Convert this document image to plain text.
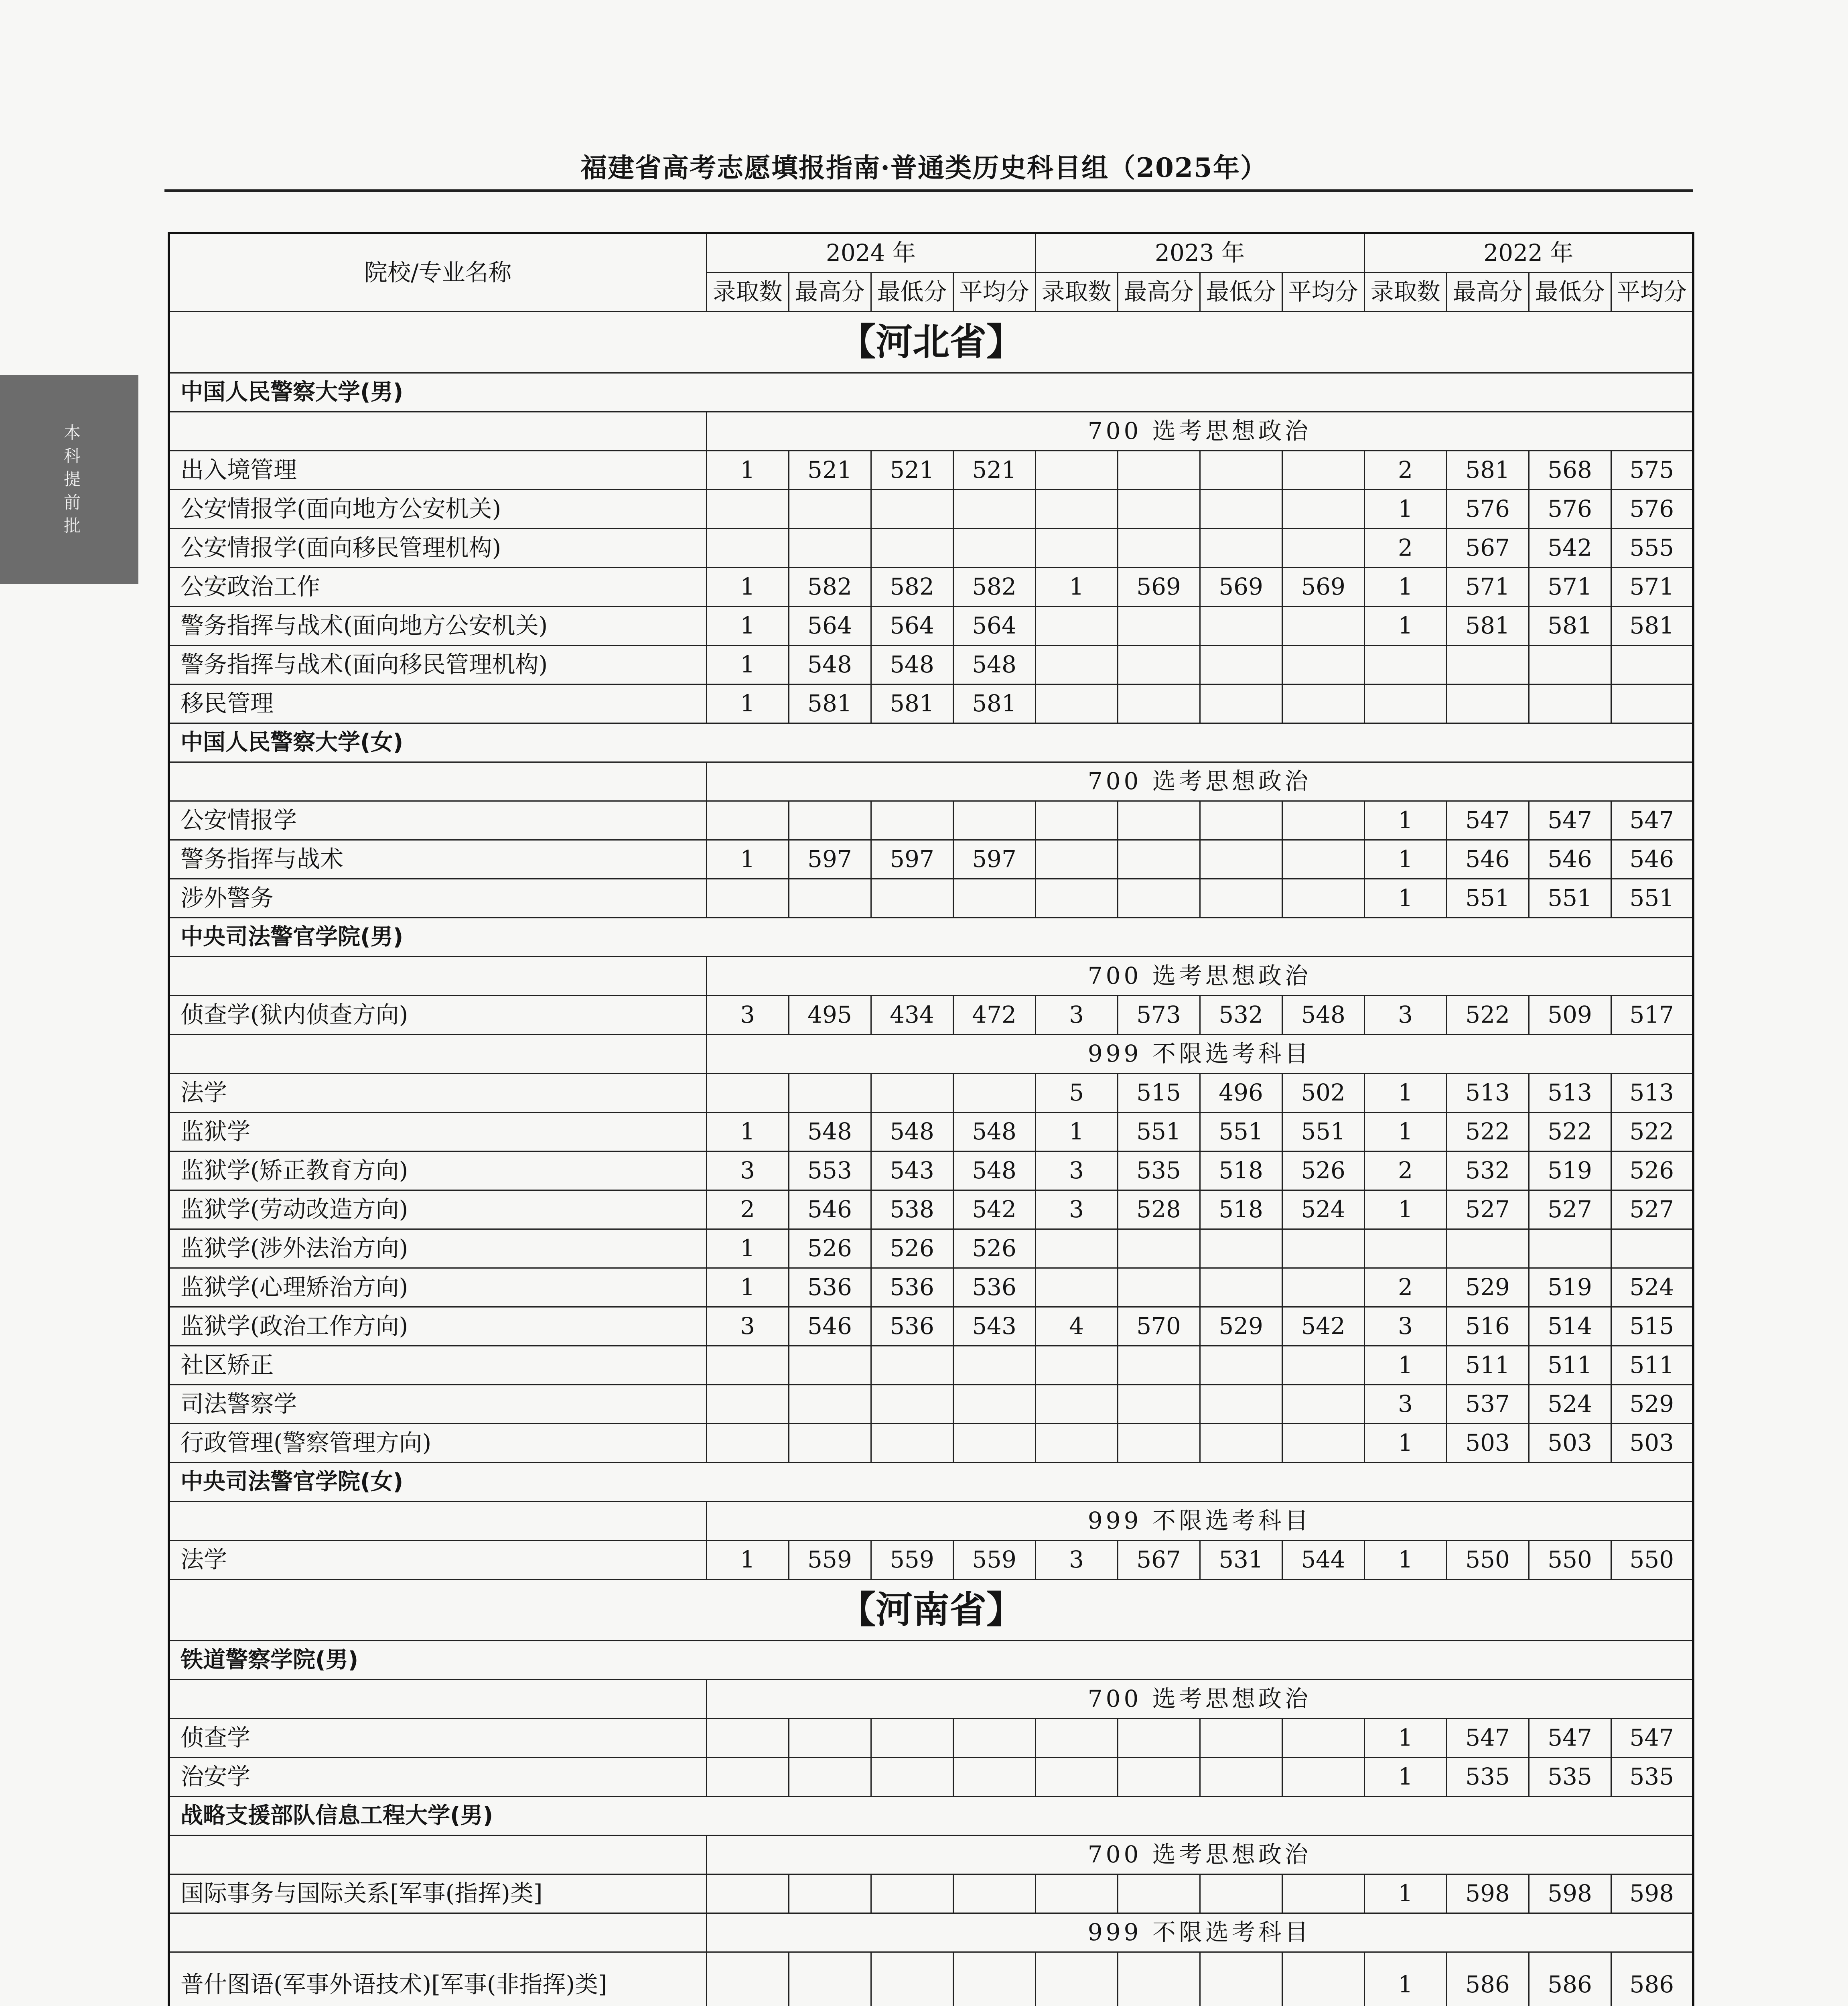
福建省高考志愿填报指南·普通类历史科目组（2025年）
本科提前批
院校/专业名称	2024 年				2023 年				2022 年			
	录取数	最高分	最低分	平均分	录取数	最高分	最低分	平均分	录取数	最高分	最低分	平均分
【河北省】												
中国人民警察大学(男)												
	700 选考思想政治											
出入境管理	1	521	521	521					2	581	568	575
公安情报学(面向地方公安机关)									1	576	576	576
公安情报学(面向移民管理机构)									2	567	542	555
公安政治工作	1	582	582	582	1	569	569	569	1	571	571	571
警务指挥与战术(面向地方公安机关)	1	564	564	564					1	581	581	581
警务指挥与战术(面向移民管理机构)	1	548	548	548								
移民管理	1	581	581	581								
中国人民警察大学(女)												
	700 选考思想政治											
公安情报学									1	547	547	547
警务指挥与战术	1	597	597	597					1	546	546	546
涉外警务									1	551	551	551
中央司法警官学院(男)												
	700 选考思想政治											
侦查学(狱内侦查方向)	3	495	434	472	3	573	532	548	3	522	509	517
	999 不限选考科目											
法学					5	515	496	502	1	513	513	513
监狱学	1	548	548	548	1	551	551	551	1	522	522	522
监狱学(矫正教育方向)	3	553	543	548	3	535	518	526	2	532	519	526
监狱学(劳动改造方向)	2	546	538	542	3	528	518	524	1	527	527	527
监狱学(涉外法治方向)	1	526	526	526								
监狱学(心理矫治方向)	1	536	536	536					2	529	519	524
监狱学(政治工作方向)	3	546	536	543	4	570	529	542	3	516	514	515
社区矫正									1	511	511	511
司法警察学									3	537	524	529
行政管理(警察管理方向)									1	503	503	503
中央司法警官学院(女)												
	999 不限选考科目											
法学	1	559	559	559	3	567	531	544	1	550	550	550
【河南省】												
铁道警察学院(男)												
	700 选考思想政治											
侦查学									1	547	547	547
治安学									1	535	535	535
战略支援部队信息工程大学(男)												
	700 选考思想政治											
国际事务与国际关系[军事(指挥)类]									1	598	598	598
	999 不限选考科目											
普什图语(军事外语技术)[军事(非指挥)类]									1	586	586	586
